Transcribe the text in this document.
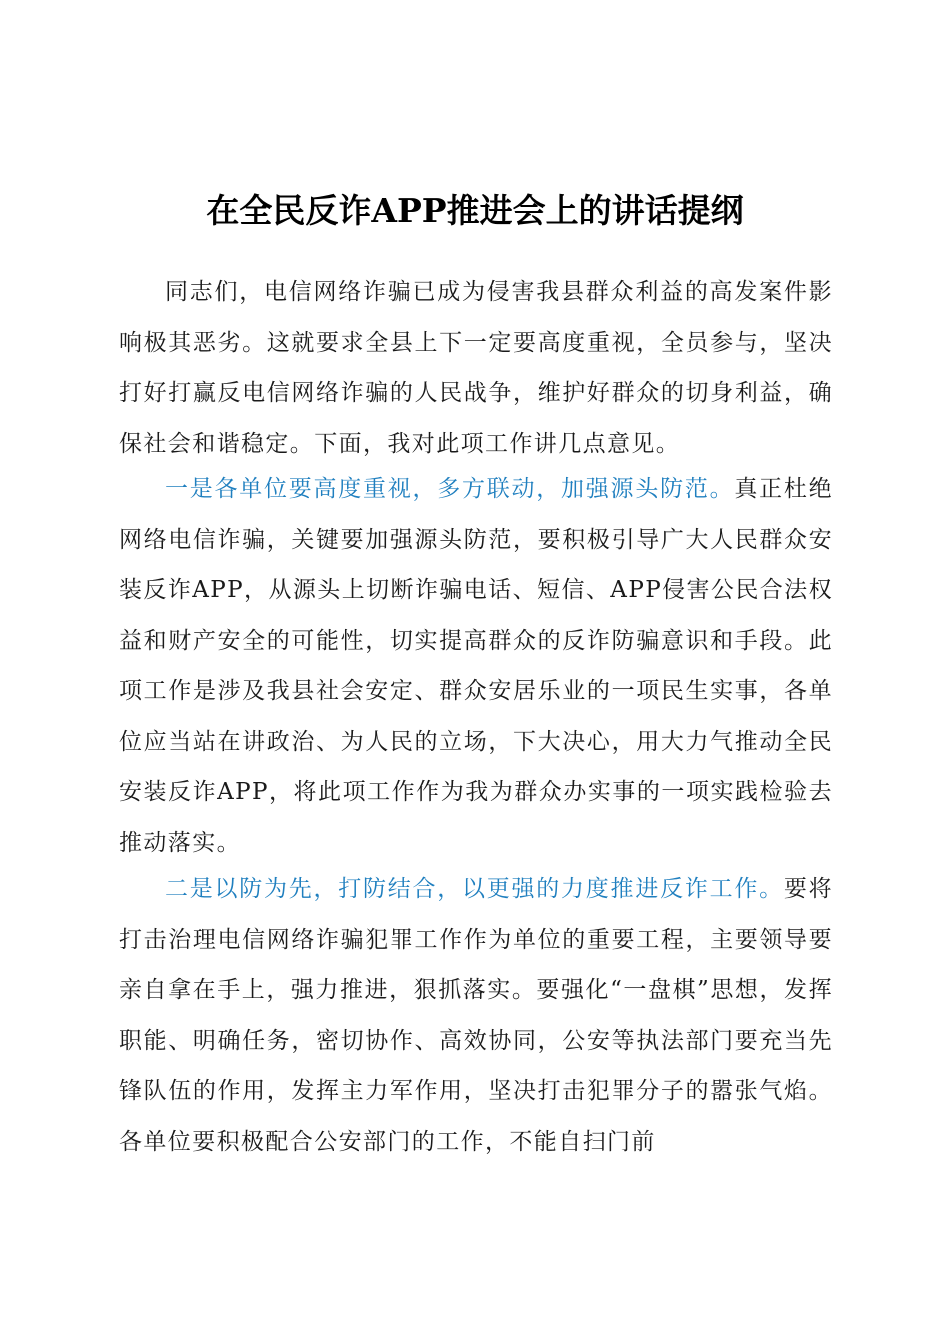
在全民反诈APP推进会上的讲话提纲

同志们，电信网络诈骗已成为侵害我县群众利益的高发案件影响极其恶劣。这就要求全县上下一定要高度重视，全员参与，坚决打好打赢反电信网络诈骗的人民战争，维护好群众的切身利益，确保社会和谐稳定。下面，我对此项工作讲几点意见。

一是各单位要高度重视，多方联动，加强源头防范。真正杜绝网络电信诈骗，关键要加强源头防范，要积极引导广大人民群众安装反诈APP，从源头上切断诈骗电话、短信、APP侵害公民合法权益和财产安全的可能性，切实提高群众的反诈防骗意识和手段。此项工作是涉及我县社会安定、群众安居乐业的一项民生实事，各单位应当站在讲政治、为人民的立场，下大决心，用大力气推动全民安装反诈APP，将此项工作作为我为群众办实事的一项实践检验去推动落实。

二是以防为先，打防结合，以更强的力度推进反诈工作。要将打击治理电信网络诈骗犯罪工作作为单位的重要工程，主要领导要亲自拿在手上，强力推进，狠抓落实。要强化“一盘棋”思想，发挥职能、明确任务，密切协作、高效协同，公安等执法部门要充当先锋队伍的作用，发挥主力军作用，坚决打击犯罪分子的嚣张气焰。各单位要积极配合公安部门的工作，不能自扫门前
